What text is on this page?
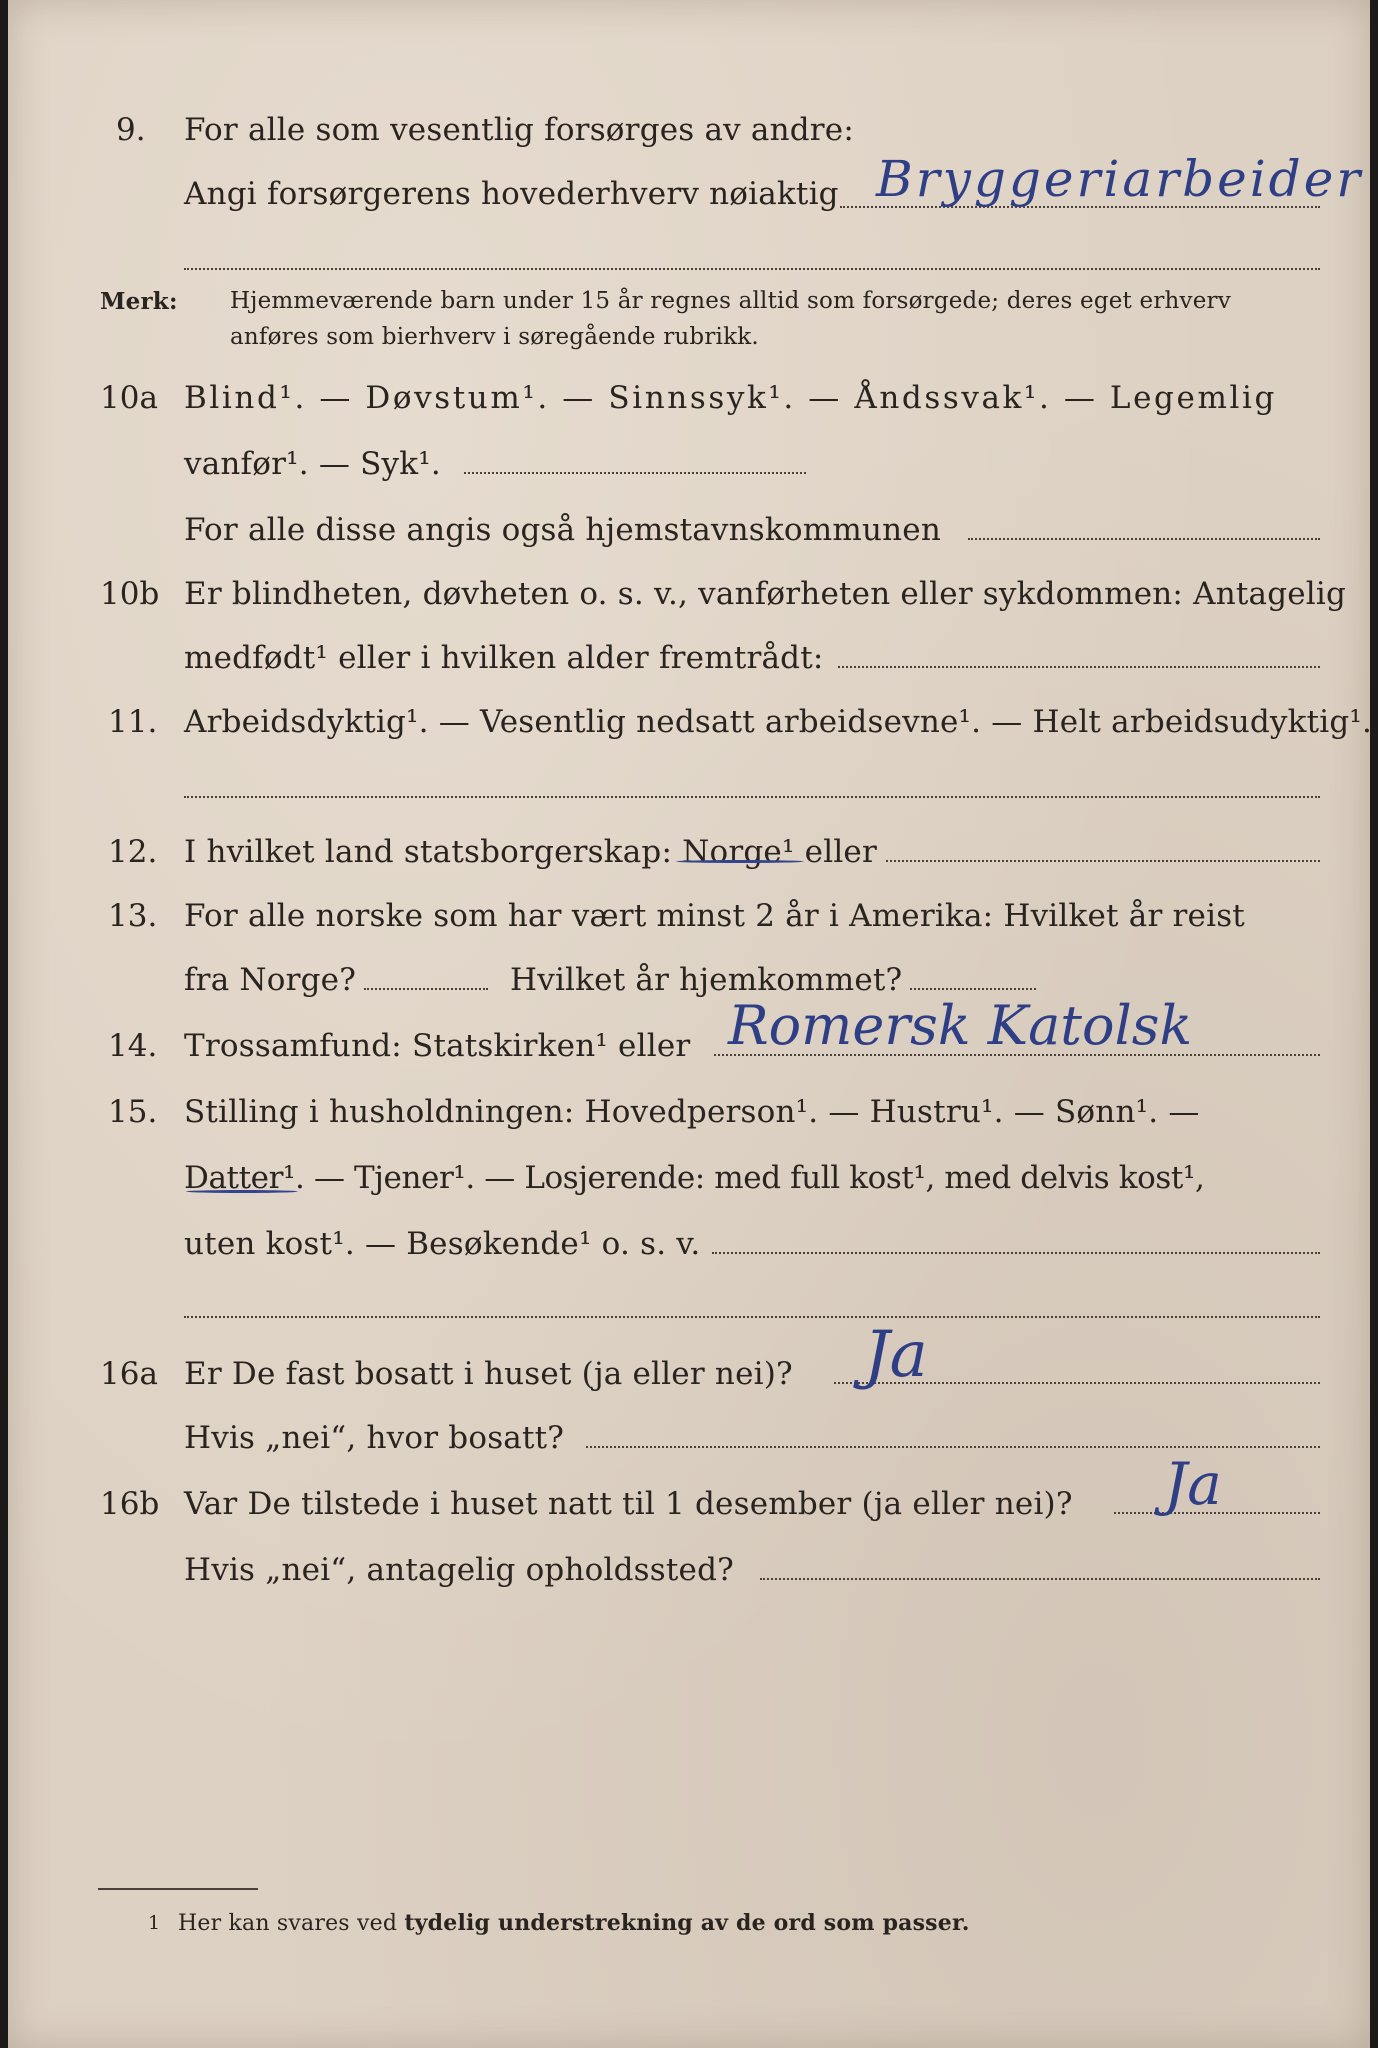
9. For alle som vesentlig forsørges av andre:
Angi forsørgerens hovederhverv nøiaktig Bryggeriarbeider
Merk: Hjemmeværende barn under 15 år regnes alltid som forsørgede; deres eget erhverv
anføres som bierhverv i søregående rubrikk.
10a Blind¹. — Døvstum¹. — Sinnssyk¹. — Åndssvak¹. — Legemlig
vanfør¹. — Syk¹.
For alle disse angis også hjemstavnskommunen
10b Er blindheten, døvheten o. s. v., vanførheten eller sykdommen: Antagelig
medfødt¹ eller i hvilken alder fremtrådt:
11. Arbeidsdyktig¹. — Vesentlig nedsatt arbeidsevne¹. — Helt arbeidsudyktig¹.
12. I hvilket land statsborgerskap: Norge¹ eller
13. For alle norske som har vært minst 2 år i Amerika: Hvilket år reist
fra Norge?	Hvilket år hjemkommet?
14. Trossamfund: Statskirken¹ eller Romersk Katolsk
15. Stilling i husholdningen: Hovedperson¹. — Hustru¹. — Sønn¹. —
Datter¹. — Tjener¹. — Losjerende: med full kost¹, med delvis kost¹,
uten kost¹. — Besøkende¹ o. s. v.
16a Er De fast bosatt i huset (ja eller nei)? Ja
Hvis „nei“, hvor bosatt?
16b Var De tilstede i huset natt til 1 desember (ja eller nei)? Ja
Hvis „nei“, antagelig opholdssted?
1 Her kan svares ved tydelig understrekning av de ord som passer.
